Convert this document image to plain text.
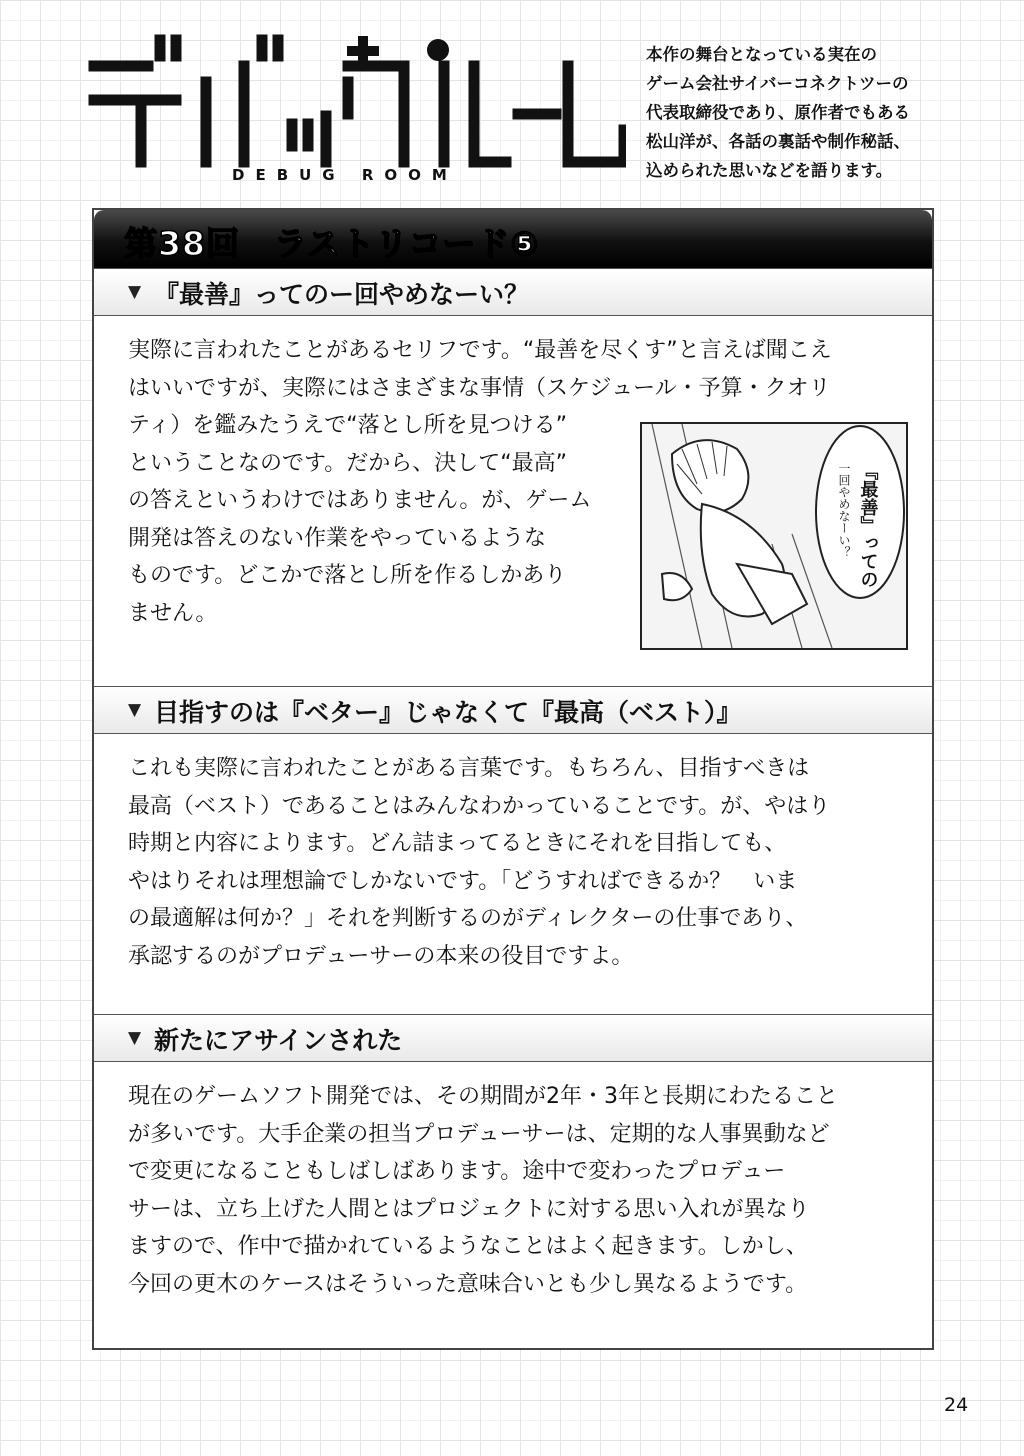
DEBUG ROOM
本作の舞台となっている実在の
ゲーム会社サイバーコネクトツーの
代表取締役であり、原作者でもある
松山洋が、各話の裏話や制作秘話、
込められた思いなどを語ります。
第38回　ラストリコード⑤
▼ 『最善』ってのー回やめなーい？
実際に言われたことがあるセリフです。“最善を尽くす”と言えば聞こえ
はいいですが、実際にはさまざまな事情（スケジュール・予算・クオリ
ティ）を鑑みたうえで“落とし所を見つける”
ということなのです。だから、決して“最高”
の答えというわけではありません。が、ゲーム
開発は答えのない作業をやっているような
ものです。どこかで落とし所を作るしかあり
ません。
『最善』っての
一回やめなーい？
▼ 目指すのは『ベター』じゃなくて『最高（ベスト）』
これも実際に言われたことがある言葉です。もちろん、目指すべきは
最高（ベスト）であることはみんなわかっていることです。が、やはり
時期と内容によります。どん詰まってるときにそれを目指しても、
やはりそれは理想論でしかないです。「どうすればできるか？　いま
の最適解は何か？」それを判断するのがディレクターの仕事であり、
承認するのがプロデューサーの本来の役目ですよ。
▼ 新たにアサインされた
現在のゲームソフト開発では、その期間が2年・3年と長期にわたること
が多いです。大手企業の担当プロデューサーは、定期的な人事異動など
で変更になることもしばしばあります。途中で変わったプロデュー
サーは、立ち上げた人間とはプロジェクトに対する思い入れが異なり
ますので、作中で描かれているようなことはよく起きます。しかし、
今回の更木のケースはそういった意味合いとも少し異なるようです。
24
